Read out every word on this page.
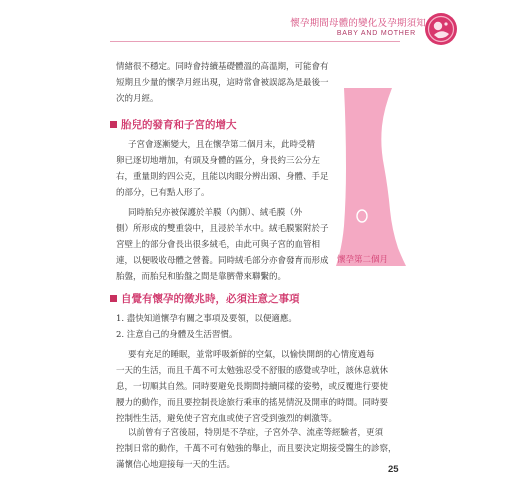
懷孕期間母體的變化及孕期須知
BABY AND MOTHER
情緒很不穩定。同時會持續基礎體溫的高溫期，可能會有
短期且少量的懷孕月經出現，這時常會被誤認為是最後一
次的月經。
胎兒的發育和子宮的增大
子宮會逐漸變大，且在懷孕第二個月末，此時受精
卵已逐切地增加，有頭及身體的區分，身長約三公分左
右，重量則約四公克，且能以肉眼分辨出頭、身體、手足
的部分，已有點人形了。
同時胎兒亦被保護於羊膜（內側）、絨毛膜（外
側）所形成的雙重袋中，且浸於羊水中。絨毛膜緊附於子
宮壁上的部分會長出很多絨毛，由此可與子宮的血管相
連，以便吸收母體之營養。同時絨毛部分亦會發育而形成
胎盤，而胎兒和胎盤之間是靠臍帶來聯繫的。
懷孕第二個月
自覺有懷孕的徵兆時，必須注意之事項
1. 盡快知道懷孕有關之事項及要領，以便適應。
2. 注意自己的身體及生活習慣。
要有充足的睡眠，並常呼吸新鮮的空氣，以愉快開朗的心情度過每
一天的生活，而且千萬不可太勉強忍受不舒服的感覺或孕吐，該休息就休
息，一切順其自然。同時要避免長期間持續同樣的姿勢，或反覆進行要使
腰力的動作，而且要控制長途旅行乘車的搖晃情況及開車的時間。同時要
控制性生活，避免使子宮充血或使子宮受到強烈的刺激等。
以前曾有子宮後屈，特別是不孕症，子宮外孕、流產等經驗者，更須
控制日常的動作，千萬不可有勉強的舉止，而且要決定期接受醫生的診察，
滿懷信心地迎接每一天的生活。	25
